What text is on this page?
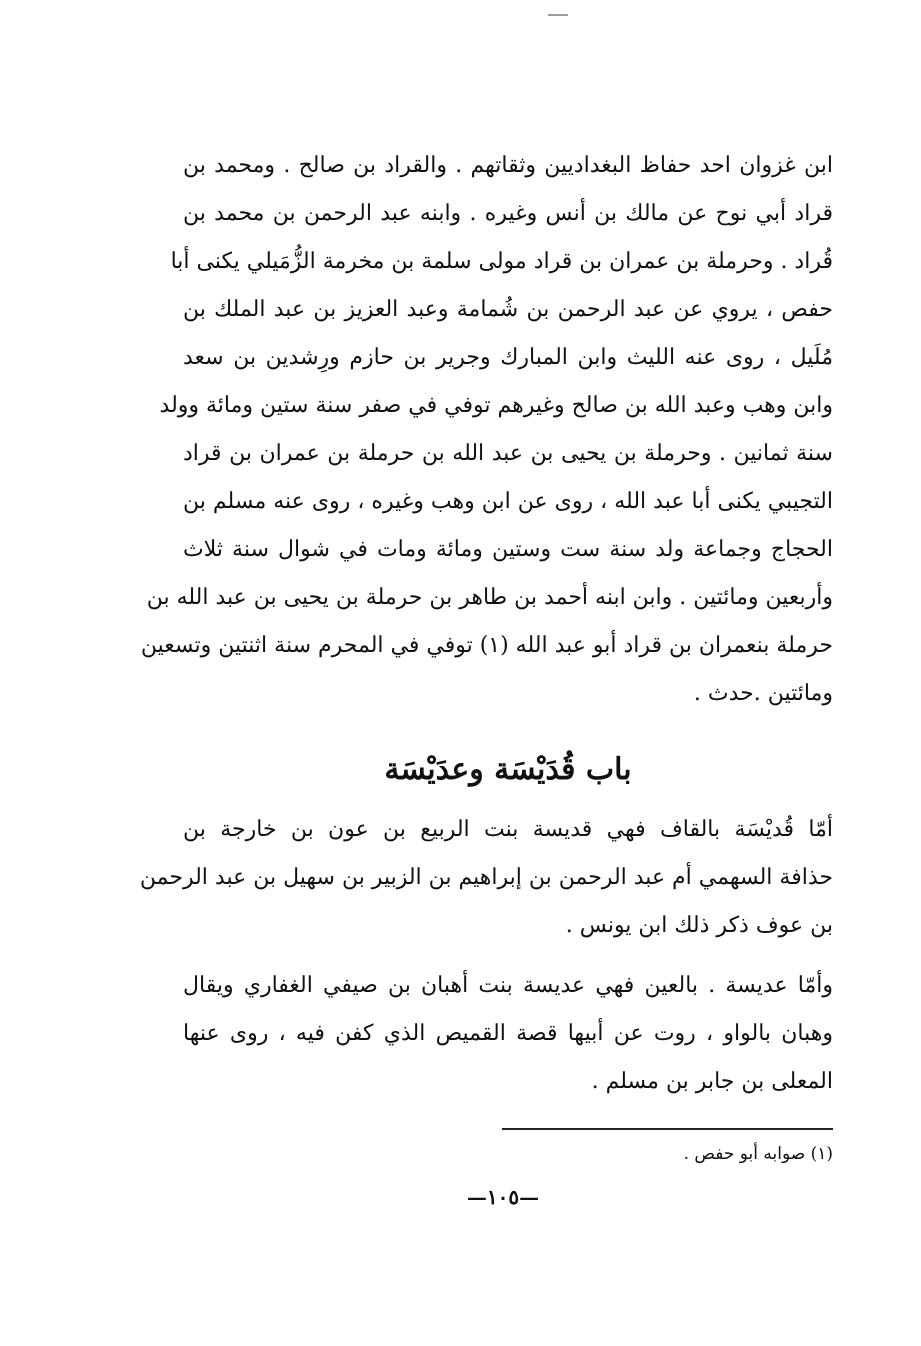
ابن غزوان احد حفاظ البغداديين وثقاتهم . والقراد بن صالح . ومحمد بن
قراد أبي نوح عن مالك بن أنس وغيره . وابنه عبد الرحمن بن محمد بن
قُراد . وحرملة بن عمران بن قراد مولى سلمة بن مخرمة الزُّمَيلي يكنى أبا
حفص ، يروي عن عبد الرحمن بن شُمامة وعبد العزيز بن عبد الملك بن
مُلَيل ، روى عنه الليث وابن المبارك وجرير بن حازم ورِشدين بن سعد
وابن وهب وعبد الله بن صالح وغيرهم توفي في صفر سنة ستين ومائة وولد
سنة ثمانين . وحرملة بن يحيى بن عبد الله بن حرملة بن عمران بن قراد
التجيبي يكنى أبا عبد الله ، روى عن ابن وهب وغيره ، روى عنه مسلم بن
الحجاج وجماعة ولد سنة ست وستين ومائة ومات في شوال سنة ثلاث
وأربعين ومائتين . وابن ابنه أحمد بن طاهر بن حرملة بن يحيى بن عبد الله بن
حرملة بنعمران بن قراد أبو عبد الله (١) توفي في المحرم سنة اثنتين وتسعين
ومائتين .حدث .
باب قُدَيْسَة وعدَيْسَة
أمّا قُديْسَة بالقاف فهي قديسة بنت الربيع بن عون بن خارجة بن
حذافة السهمي أم عبد الرحمن بن إبراهيم بن الزبير بن سهيل بن عبد الرحمن
بن عوف ذكر ذلك ابن يونس .
وأمّا عديسة . بالعين فهي عديسة بنت أهبان بن صيفي الغفاري ويقال
وهبان بالواو ، روت عن أبيها قصة القميص الذي كفن فيه ، روى عنها
المعلى بن جابر بن مسلم .
(١) صوابه أبو حفص .
—١٠٥—
